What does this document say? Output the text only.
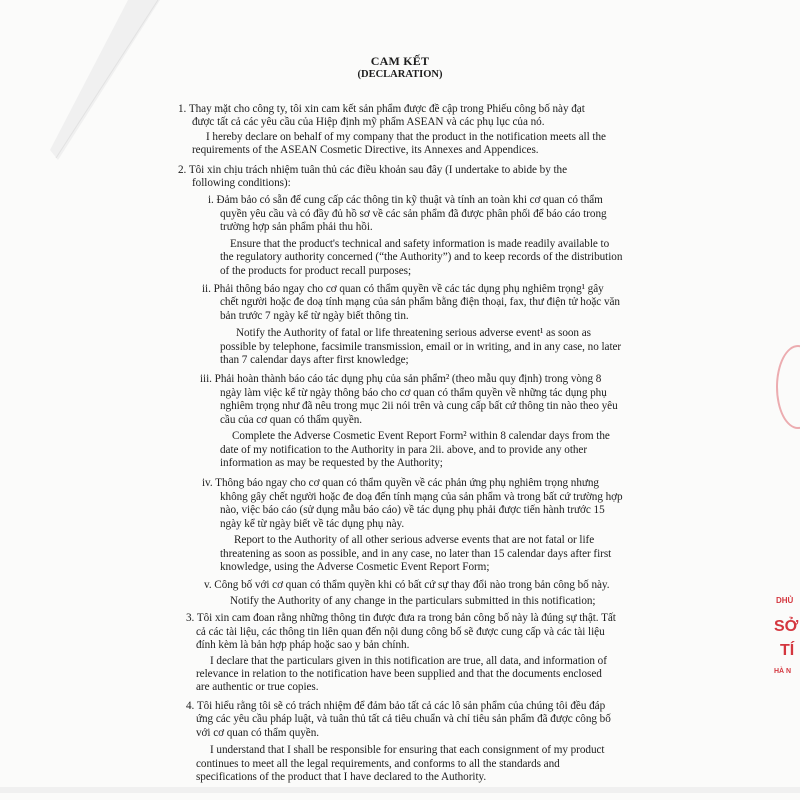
CAM KẾT
(DECLARATION)
1. Thay mặt cho công ty, tôi xin cam kết sản phẩm được đề cập trong Phiếu công bố này đạt
được tất cả các yêu cầu của Hiệp định mỹ phẩm ASEAN và các phụ lục của nó.
I hereby declare on behalf of my company that the product in the notification meets all the
requirements of the ASEAN Cosmetic Directive, its Annexes and Appendices.
2. Tôi xin chịu trách nhiệm tuân thủ các điều khoản sau đây (I undertake to abide by the
following conditions):
i. Đảm bảo có sẵn để cung cấp các thông tin kỹ thuật và tính an toàn khi cơ quan có thẩm
quyền yêu cầu và có đầy đủ hồ sơ về các sản phẩm đã được phân phối để báo cáo trong
trường hợp sản phẩm phải thu hồi.
Ensure that the product's technical and safety information is made readily available to
the regulatory authority concerned (“the Authority”) and to keep records of the distribution
of the products for product recall purposes;
ii. Phải thông báo ngay cho cơ quan có thẩm quyền về các tác dụng phụ nghiêm trọng¹ gây
chết người hoặc đe doạ tính mạng của sản phẩm bằng điện thoại, fax, thư điện tử hoặc văn
bản trước 7 ngày kể từ ngày biết thông tin.
Notify the Authority of fatal or life threatening serious adverse event¹ as soon as
possible by telephone, facsimile transmission, email or in writing, and in any case, no later
than 7 calendar days after first knowledge;
iii. Phải hoàn thành báo cáo tác dụng phụ của sản phẩm² (theo mẫu quy định) trong vòng 8
ngày làm việc kể từ ngày thông báo cho cơ quan có thẩm quyền về những tác dụng phụ
nghiêm trọng như đã nêu trong mục 2ii nói trên và cung cấp bất cứ thông tin nào theo yêu
cầu của cơ quan có thẩm quyền.
Complete the Adverse Cosmetic Event Report Form² within 8 calendar days from the
date of my notification to the Authority in para 2ii. above, and to provide any other
information as may be requested by the Authority;
iv. Thông báo ngay cho cơ quan có thẩm quyền về các phản ứng phụ nghiêm trọng nhưng
không gây chết người hoặc đe doạ đến tính mạng của sản phẩm và trong bất cứ trường hợp
nào, việc báo cáo (sử dụng mẫu báo cáo) về tác dụng phụ phải được tiến hành trước 15
ngày kể từ ngày biết về tác dụng phụ này.
Report to the Authority of all other serious adverse events that are not fatal or life
threatening as soon as possible, and in any case, no later than 15 calendar days after first
knowledge, using the Adverse Cosmetic Event Report Form;
v. Công bố với cơ quan có thẩm quyền khi có bất cứ sự thay đổi nào trong bản công bố này.
Notify the Authority of any change in the particulars submitted in this notification;
3. Tôi xin cam đoan rằng những thông tin được đưa ra trong bản công bố này là đúng sự thật. Tất
cả các tài liệu, các thông tin liên quan đến nội dung công bố sẽ được cung cấp và các tài liệu
đính kèm là bản hợp pháp hoặc sao y bản chính.
I declare that the particulars given in this notification are true, all data, and information of
relevance in relation to the notification have been supplied and that the documents enclosed
are authentic or true copies.
4. Tôi hiểu rằng tôi sẽ có trách nhiệm để đảm bảo tất cả các lô sản phẩm của chúng tôi đều đáp
ứng các yêu cầu pháp luật, và tuân thủ tất cả tiêu chuẩn và chỉ tiêu sản phẩm đã được công bố
với cơ quan có thẩm quyền.
I understand that I shall be responsible for ensuring that each consignment of my product
continues to meet all the legal requirements, and conforms to all the standards and
specifications of the product that I have declared to the Authority.
DHỦ
SỞ
TÍ
HÀ N
